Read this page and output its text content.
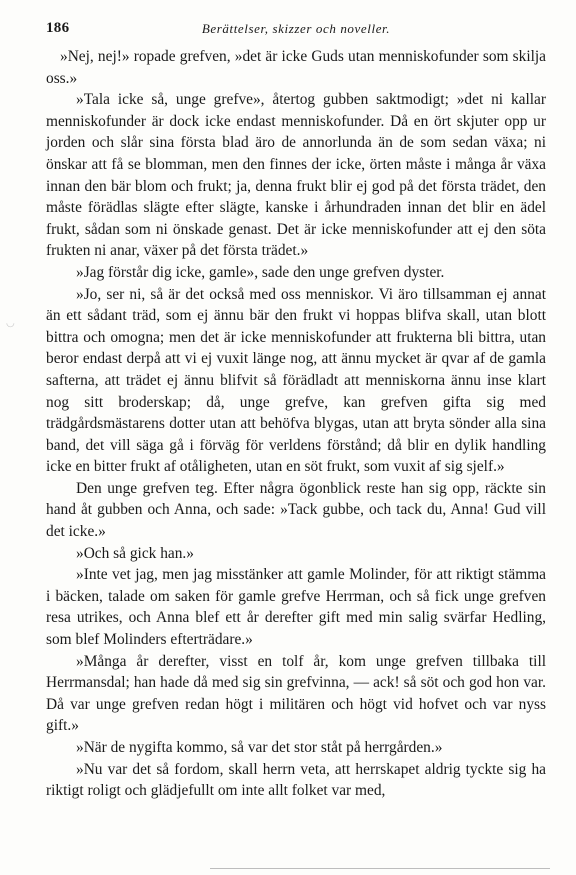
186	Berättelser, skizzer och noveller.
◡

»Nej, nej!» ropade grefven, »det är icke Guds utan menniskofunder som skilja oss.»

»Tala icke så, unge grefve», återtog gubben saktmodigt; »det ni kallar menniskofunder är dock icke endast menniskofunder. Då en ört skjuter opp ur jorden och slår sina första blad äro de annorlunda än de som sedan växa; ni önskar att få se blomman, men den finnes der icke, örten måste i många år växa innan den bär blom och frukt; ja, denna frukt blir ej god på det första trädet, den måste förädlas slägte efter slägte, kanske i århundraden innan det blir en ädel frukt, sådan som ni önskade genast. Det är icke menniskofunder att ej den söta frukten ni anar, växer på det första trädet.»

»Jag förstår dig icke, gamle», sade den unge grefven dyster.

»Jo, ser ni, så är det också med oss menniskor. Vi äro tillsamman ej annat än ett sådant träd, som ej ännu bär den frukt vi hoppas blifva skall, utan blott bittra och omogna; men det är icke menniskofunder att frukterna bli bittra, utan beror endast derpå att vi ej vuxit länge nog, att ännu mycket är qvar af de gamla safterna, att trädet ej ännu blifvit så förädladt att menniskorna ännu inse klart nog sitt broderskap; då, unge grefve, kan grefven gifta sig med trädgårdsmästarens dotter utan att behöfva blygas, utan att bryta sönder alla sina band, det vill säga gå i förväg för verldens förstånd; då blir en dylik handling icke en bitter frukt af otåligheten, utan en söt frukt, som vuxit af sig sjelf.»

Den unge grefven teg. Efter några ögonblick reste han sig opp, räckte sin hand åt gubben och Anna, och sade: »Tack gubbe, och tack du, Anna! Gud vill det icke.»

»Och så gick han.»

»Inte vet jag, men jag misstänker att gamle Molinder, för att riktigt stämma i bäcken, talade om saken för gamle grefve Herrman, och så fick unge grefven resa utrikes, och Anna blef ett år derefter gift med min salig svärfar Hedling, som blef Molinders efterträdare.»

»Många år derefter, visst en tolf år, kom unge grefven tillbaka till Herrmansdal; han hade då med sig sin grefvinna, — ack! så söt och god hon var. Då var unge grefven redan högt i militären och högt vid hofvet och var nyss gift.»

»När de nygifta kommo, så var det stor ståt på herrgården.»

»Nu var det så fordom, skall herrn veta, att herrskapet aldrig tyckte sig ha riktigt roligt och glädjefullt om inte allt folket var med,
